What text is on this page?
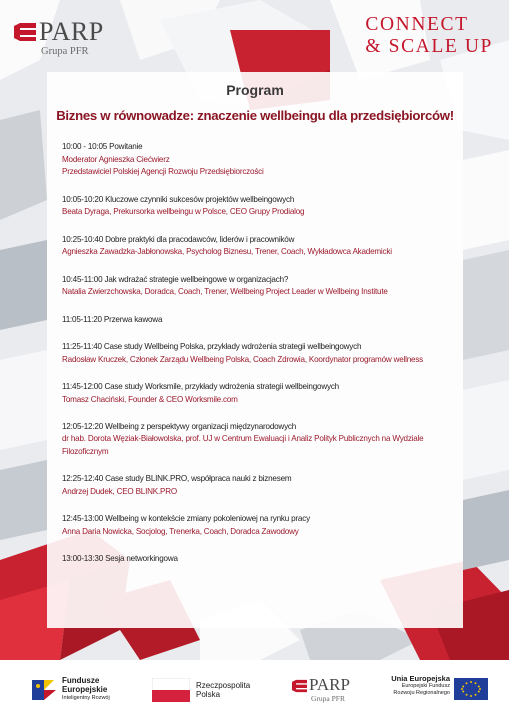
PARP
Grupa PFR
CONNECT
& SCALE UP
Program
Biznes w równowadze: znaczenie wellbeingu dla przedsiębiorców!
10:00 - 10:05 Powitanie
Moderator Agnieszka Ciećwierz
Przedstawiciel Polskiej Agencji Rozwoju Przedsiębiorczości
10:05-10:20 Kluczowe czynniki sukcesów projektów wellbeingowych
Beata Dyraga, Prekursorka wellbeingu w Polsce, CEO Grupy Prodialog
10:25-10:40 Dobre praktyki dla pracodawców, liderów i pracowników
Agnieszka Zawadzka-Jabłonowska, Psycholog Biznesu, Trener, Coach, Wykładowca Akademicki
10:45-11:00 Jak wdrażać strategie wellbeingowe w organizacjach?
Natalia Zwierzchowska, Doradca, Coach, Trener, Wellbeing Project Leader w Wellbeing Institute
11:05-11:20 Przerwa kawowa
11:25-11:40 Case study Wellbeing Polska, przykłady wdrożenia strategii wellbeingowych
Radosław Kruczek, Członek Zarządu Wellbeing Polska, Coach Zdrowia, Koordynator programów wellness
11:45-12:00 Case study Worksmile, przykłady wdrożenia strategii wellbeingowych
Tomasz Chaciński, Founder & CEO Worksmile.com
12:05-12:20 Wellbeing z perspektywy organizacji międzynarodowych
dr hab. Dorota Węziak-Białowolska, prof. UJ w Centrum Ewaluacji i Analiz Polityk Publicznych na Wydziale
Filozoficznym
12:25-12:40 Case study BLINK.PRO, współpraca nauki z biznesem
Andrzej Dudek, CEO BLINK.PRO
12:45-13:00 Wellbeing w kontekście zmiany pokoleniowej na rynku pracy
Anna Daria Nowicka, Socjolog, Trenerka, Coach, Doradca Zawodowy
13:00-13:30 Sesja networkingowa
Fundusze
Europejskie
Inteligentny Rozwój
Rzeczpospolita
Polska
PARP
Grupa PFR
Unia Europejska
Europejski Fundusz
Rozwoju Regionalnego
